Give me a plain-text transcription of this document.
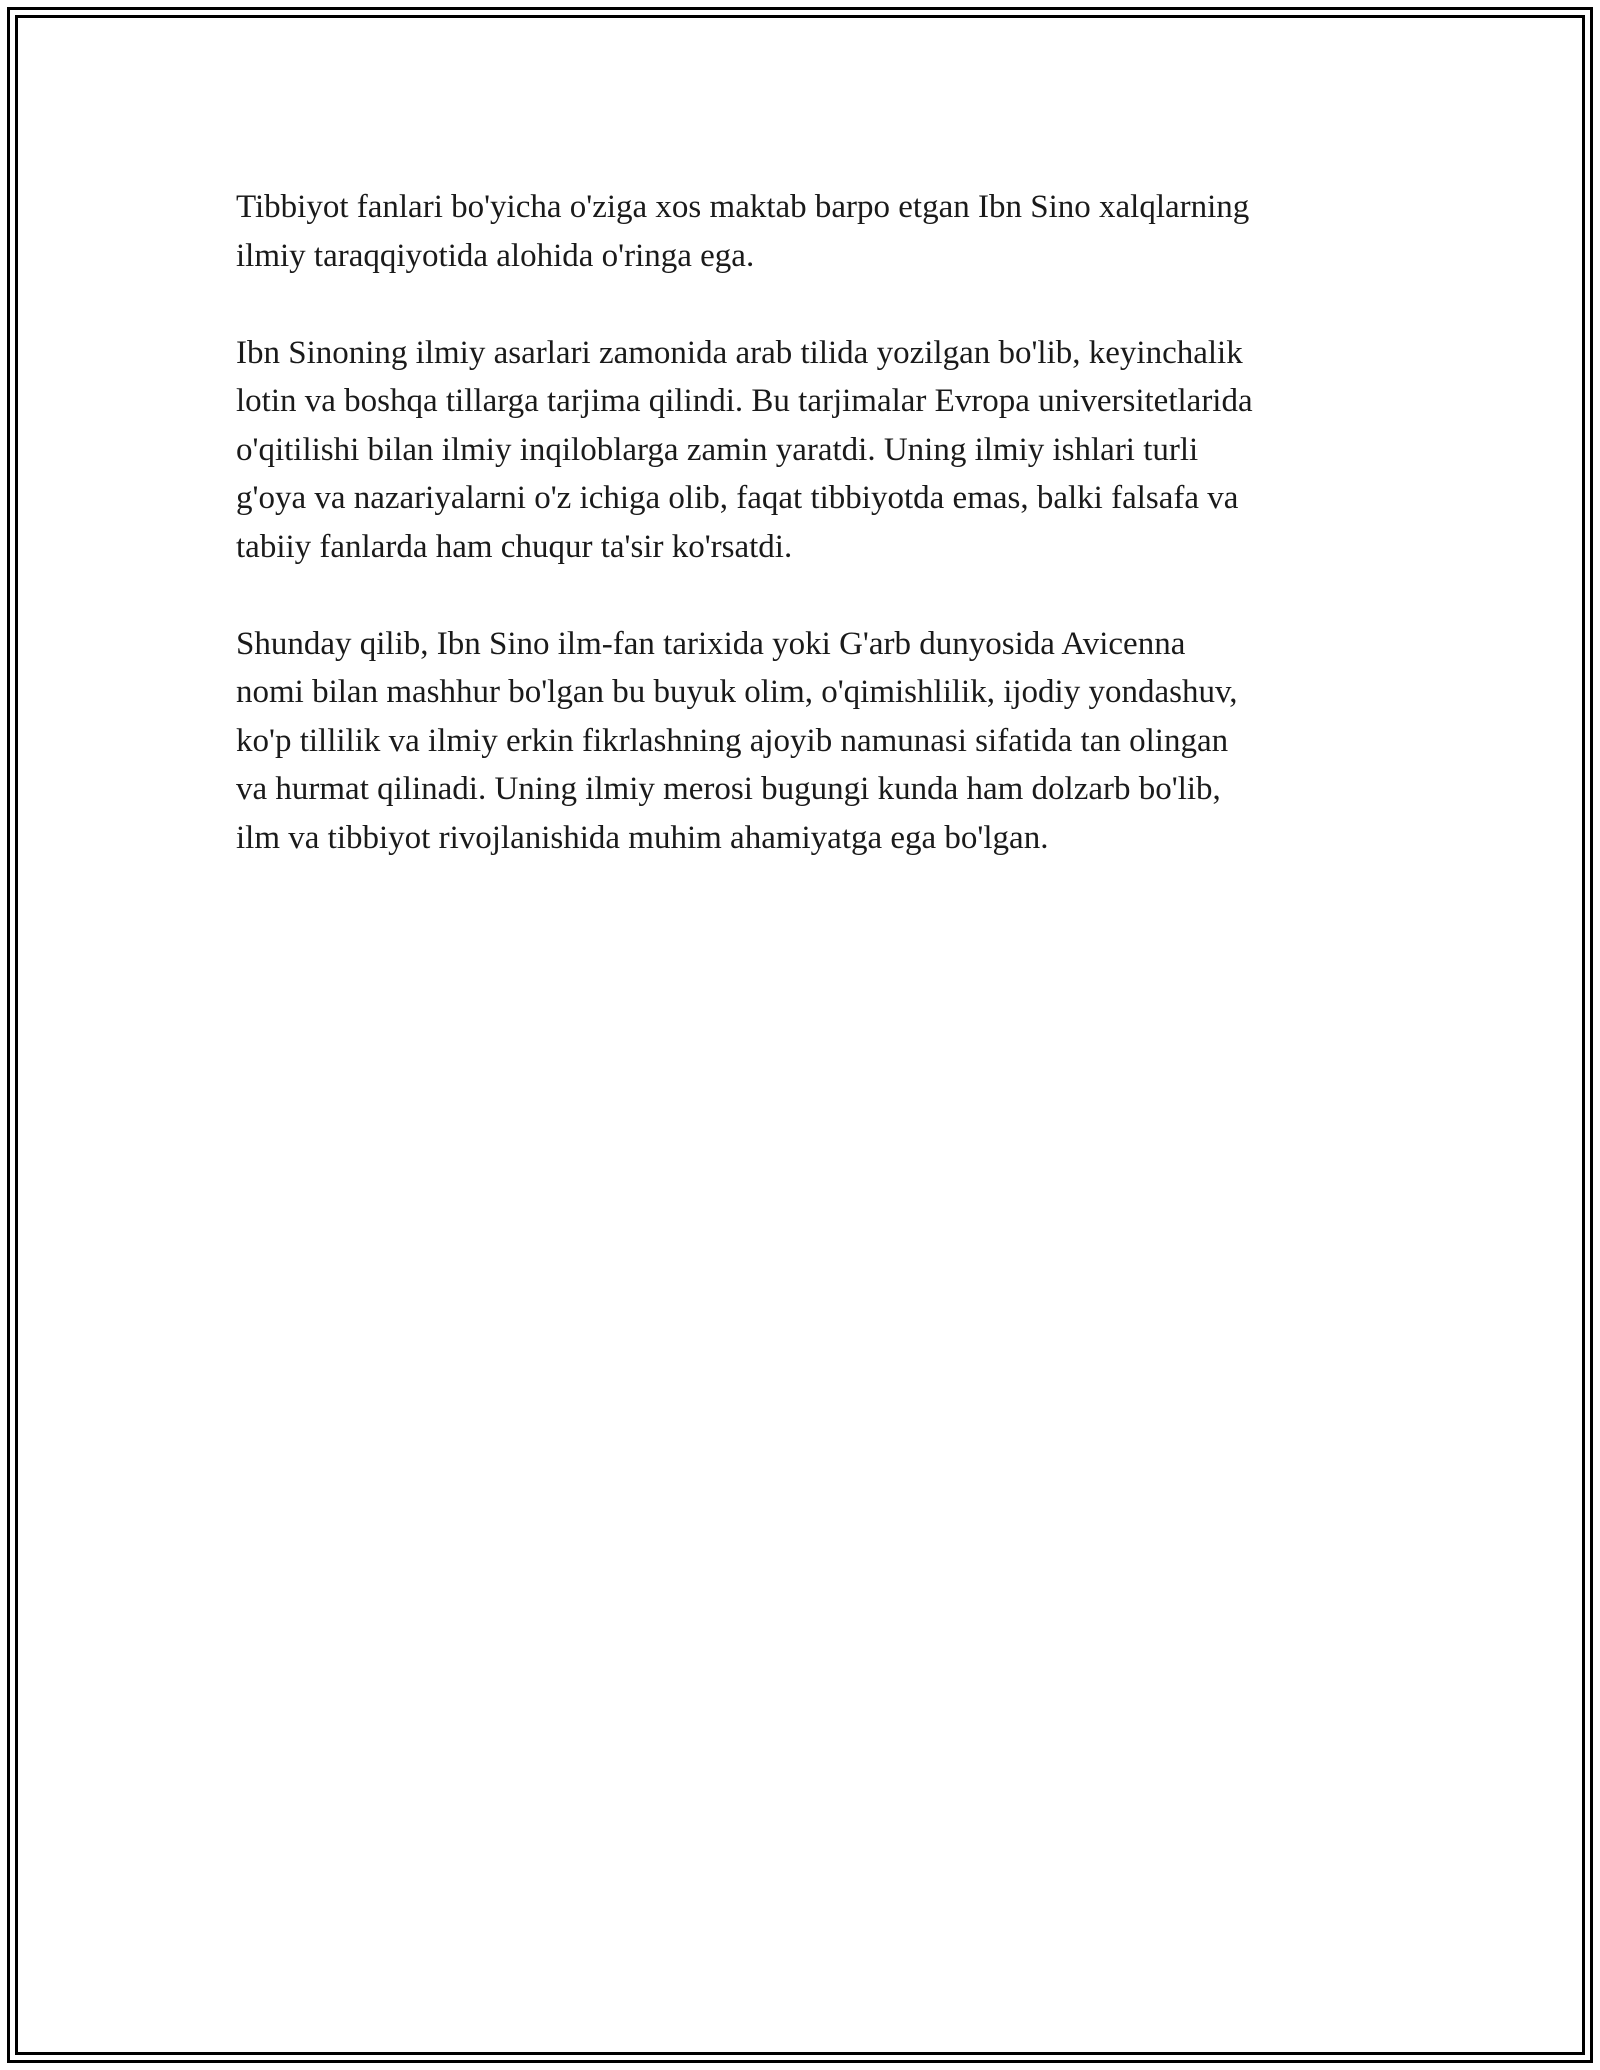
Tibbiyot fanlari bo'yicha o'ziga xos maktab barpo etgan Ibn Sino xalqlarning
ilmiy taraqqiyotida alohida o'ringa ega.

Ibn Sinoning ilmiy asarlari zamonida arab tilida yozilgan bo'lib, keyinchalik
lotin va boshqa tillarga tarjima qilindi. Bu tarjimalar Evropa universitetlarida
o'qitilishi bilan ilmiy inqiloblarga zamin yaratdi. Uning ilmiy ishlari turli
g'oya va nazariyalarni o'z ichiga olib, faqat tibbiyotda emas, balki falsafa va
tabiiy fanlarda ham chuqur ta'sir ko'rsatdi.

Shunday qilib, Ibn Sino ilm-fan tarixida yoki G'arb dunyosida Avicenna
nomi bilan mashhur bo'lgan bu buyuk olim, o'qimishlilik, ijodiy yondashuv,
ko'p tillilik va ilmiy erkin fikrlashning ajoyib namunasi sifatida tan olingan
va hurmat qilinadi. Uning ilmiy merosi bugungi kunda ham dolzarb bo'lib,
ilm va tibbiyot rivojlanishida muhim ahamiyatga ega bo'lgan.
